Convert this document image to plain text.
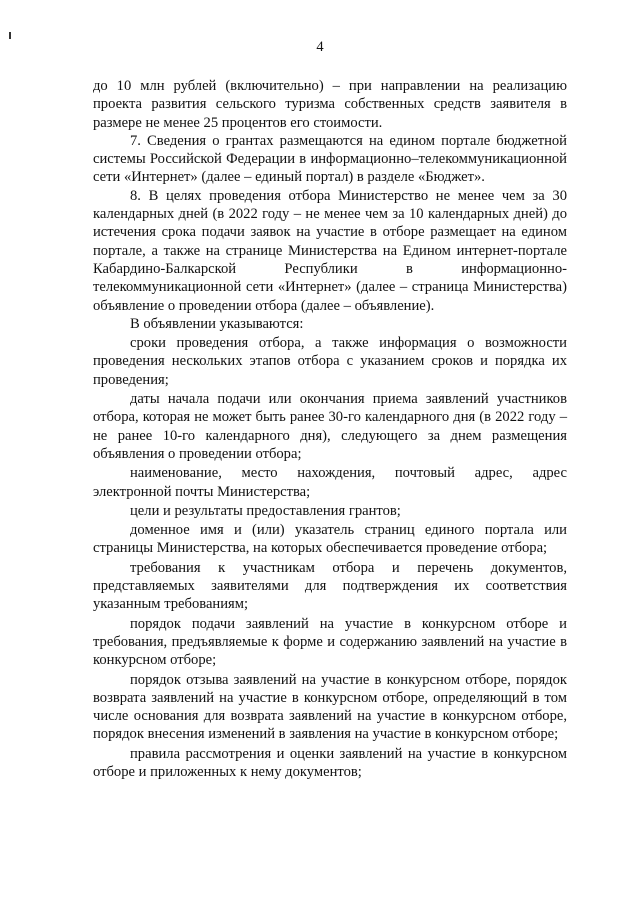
4

до 10 млн рублей (включительно) – при направлении на реализацию проекта развития сельского туризма собственных средств заявителя в размере не менее 25 процентов его стоимости.

7. Сведения о грантах размещаются на едином портале бюджетной системы Российской Федерации в информационно–телекоммуникационной сети «Интернет» (далее – единый портал) в разделе «Бюджет».

8. В целях проведения отбора Министерство не менее чем за 30 календарных дней (в 2022 году – не менее чем за 10 календарных дней) до истечения срока подачи заявок на участие в отборе размещает на едином портале, а также на странице Министерства на Едином интернет-портале Кабардино-Балкарской Республики в информационно-телекоммуникационной сети «Интернет» (далее – страница Министерства) объявление о проведении отбора (далее – объявление).

В объявлении указываются:

сроки проведения отбора, а также информация о возможности проведения нескольких этапов отбора с указанием сроков и порядка их проведения;

даты начала подачи или окончания приема заявлений участников отбора, которая не может быть ранее 30-го календарного дня (в 2022 году – не ранее 10-го календарного дня), следующего за днем размещения объявления о проведении отбора;

наименование, место нахождения, почтовый адрес, адрес электронной почты Министерства;

цели и результаты предоставления грантов;

доменное имя и (или) указатель страниц единого портала или страницы Министерства, на которых обеспечивается проведение отбора;

требования к участникам отбора и перечень документов, представляемых заявителями для подтверждения их соответствия указанным требованиям;

порядок подачи заявлений на участие в конкурсном отборе и требования, предъявляемые к форме и содержанию заявлений на участие в конкурсном отборе;

порядок отзыва заявлений на участие в конкурсном отборе, порядок возврата заявлений на участие в конкурсном отборе, определяющий в том числе основания для возврата заявлений на участие в конкурсном отборе, порядок внесения изменений в заявления на участие в конкурсном отборе;

правила рассмотрения и оценки заявлений на участие в конкурсном отборе и приложенных к нему документов;
